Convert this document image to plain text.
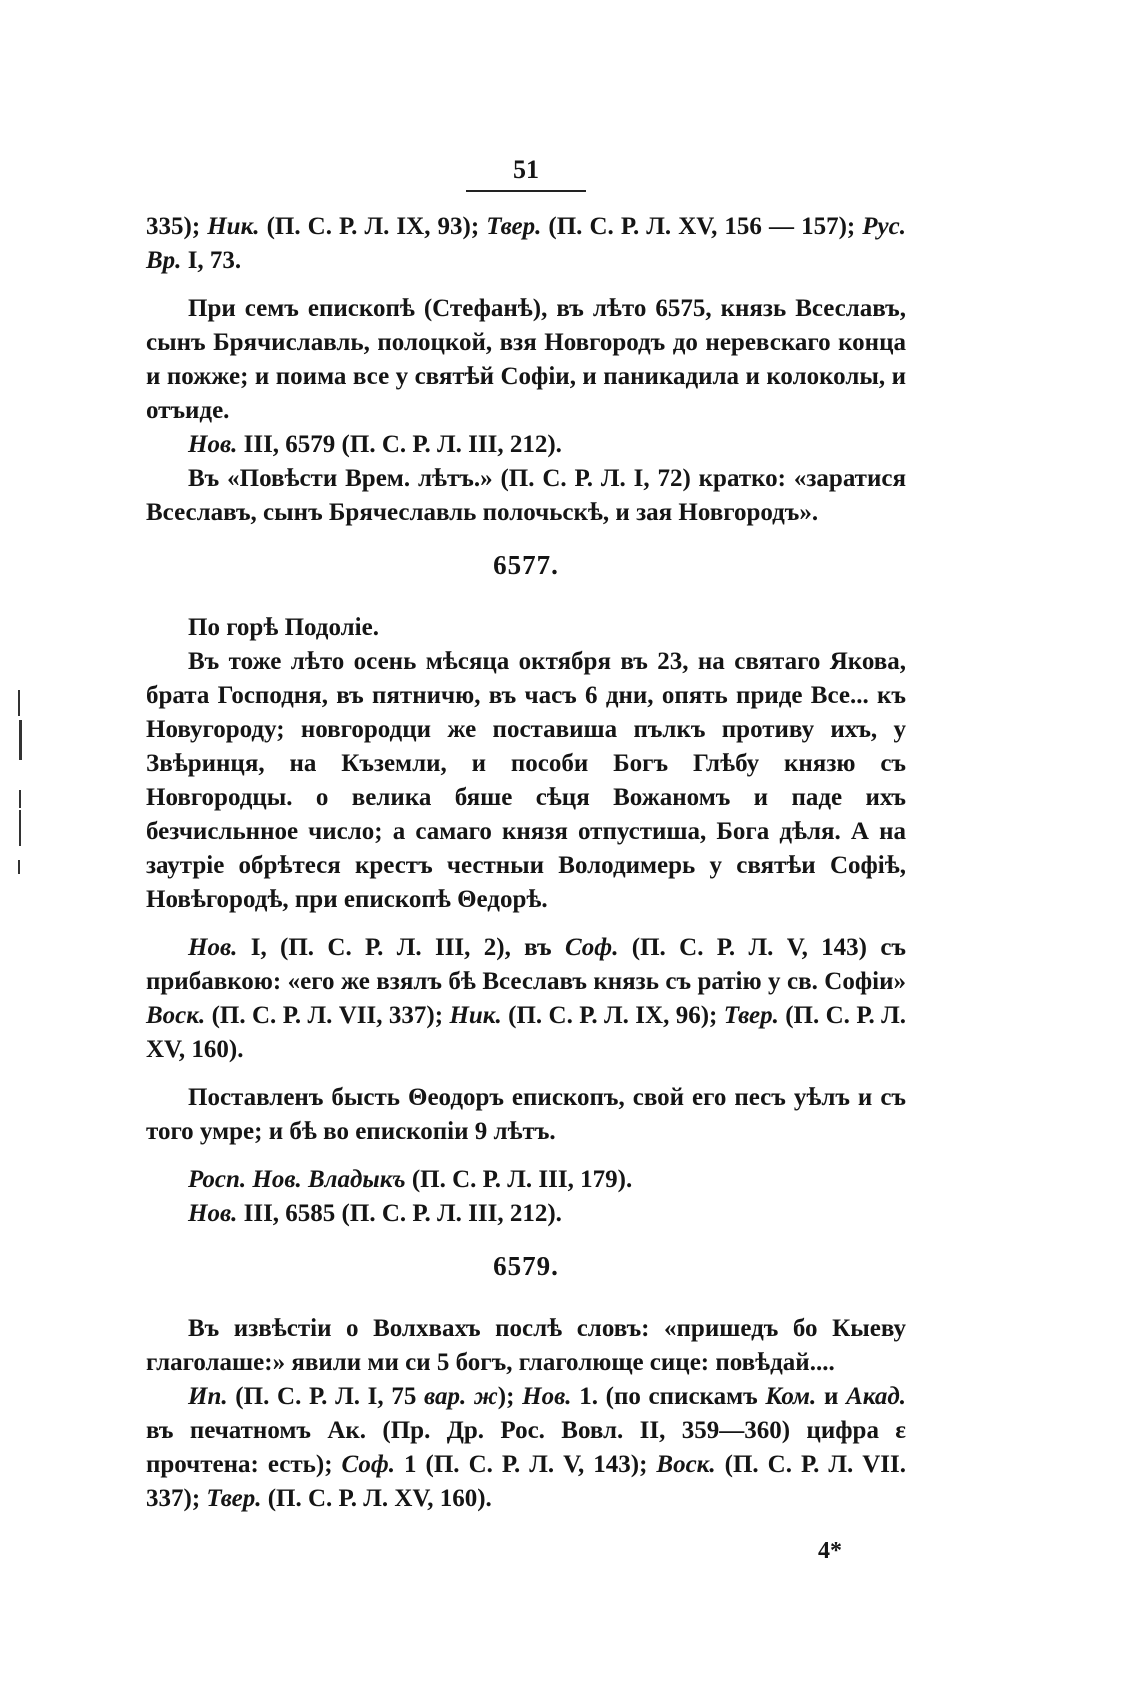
51

335); Ник. (П. С. Р. Л. IX, 93); Твер. (П. С. Р. Л. XV, 156 — 157); Рус. Вр. I, 73.

При семъ епископѣ (Стефанѣ), въ лѣто 6575, князь Всеславъ, сынъ Брячиславль, полоцкой, взя Новгородъ до неревскаго конца и пожже; и поима все у святѣй Софіи, и паникадила и колоколы, и отъиде.

Нов. III, 6579 (П. С. Р. Л. III, 212).

Въ «Повѣсти Врем. лѣтъ.» (П. С. Р. Л. I, 72) кратко: «заратися Всеславъ, сынъ Брячеславль полочьскѣ, и зая Новгородъ».

6577.

По горѣ Подоліе.

Въ тоже лѣто осень мѣсяца октября въ 23, на святаго Якова, брата Господня, въ пятничю, въ часъ 6 дни, опять приде Все... къ Новугороду; новгородци же поставиша пълкъ противу ихъ, у Звѣринця, на Къземли, и пособи Богъ Глѣбу князю съ Новгородцы. о велика бяше сѣця Вожаномъ и паде ихъ безчисльнное число; а самаго князя отпустиша, Бога дѣля. А на заутріе обрѣтеся крестъ честныи Володимерь у святѣи Софіѣ, Новѣгородѣ, при епископѣ Θедорѣ.

Нов. I, (П. С. Р. Л. III, 2), въ Соф. (П. С. Р. Л. V, 143) съ прибавкою: «его же взялъ бѣ Всеславъ князь съ ратію у св. Софіи» Воск. (П. С. Р. Л. VII, 337); Ник. (П. С. Р. Л. IX, 96); Твер. (П. С. Р. Л. XV, 160).

Поставленъ бысть Θеодоръ епископъ, свой его песъ уѣлъ и съ того умре; и бѣ во епископіи 9 лѣтъ.

Росп. Нов. Владыкъ (П. С. Р. Л. III, 179).

Нов. III, 6585 (П. С. Р. Л. III, 212).

6579.

Въ извѣстіи о Волхвахъ послѣ словъ: «пришедъ бо Кыеву глаголаше:» явили ми си 5 богъ, глаголюще сице: повѣдай....

Ип. (П. С. Р. Л. I, 75 вар. ж); Нов. 1. (по спискамъ Ком. и Акад. въ печатномъ Ак. (Пр. Др. Рос. Вовл. II, 359—360) цифра ε прочтена: есть); Соф. 1 (П. С. Р. Л. V, 143); Воск. (П. С. Р. Л. VII. 337); Твер. (П. С. Р. Л. XV, 160).

4*
